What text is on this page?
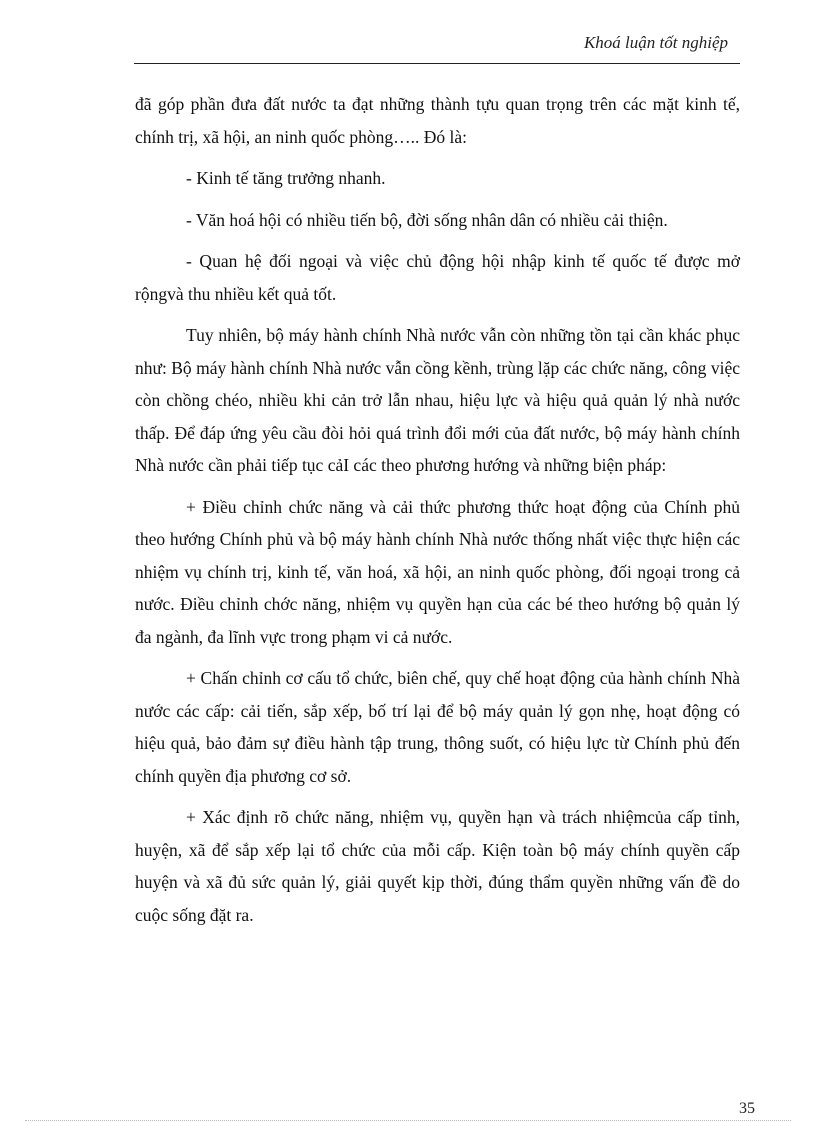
Khoá luận tốt nghiệp

đã góp phần đưa đất nước ta đạt những thành tựu quan trọng trên các mặt kinh tế, chính trị, xã hội, an ninh quốc phòng….. Đó là:

- Kinh tế tăng trưởng nhanh.

- Văn hoá hội có nhiều tiến bộ, đời sống nhân dân có nhiều cải thiện.

- Quan hệ đối ngoại và việc chủ động hội nhập kinh tế quốc tế được mở rộngvà thu nhiều kết quả tốt.

Tuy nhiên, bộ máy hành chính Nhà nước vẫn còn những tồn tại cần khác phục như: Bộ máy hành chính Nhà nước vẫn cồng kềnh, trùng lặp các chức năng, công việc còn chồng chéo, nhiều khi cản trở lẫn nhau, hiệu lực và hiệu quả quản lý nhà nước thấp. Để đáp ứng yêu cầu đòi hỏi quá trình đổi mới của đất nước, bộ máy hành chính Nhà nước cần phải tiếp tục cảI các theo phương hướng và những biện pháp:

+ Điều chỉnh chức năng và cải thức phương thức hoạt động của Chính phủ theo hướng Chính phủ và bộ máy hành chính Nhà nước thống nhất việc thực hiện các nhiệm vụ chính trị, kinh tế, văn hoá, xã hội, an ninh quốc phòng, đối ngoại trong cả nước. Điều chỉnh chớc năng, nhiệm vụ quyền hạn của các bé theo hướng bộ quản lý đa ngành, đa lĩnh vực trong phạm vi cả nước.

+ Chấn chỉnh cơ cấu tổ chức, biên chế, quy chế hoạt động của hành chính Nhà nước các cấp: cải tiến, sắp xếp, bố trí lại để bộ máy quản lý gọn nhẹ, hoạt động có hiệu quả, bảo đảm sự điều hành tập trung, thông suốt, có hiệu lực từ Chính phủ đến chính quyền địa phương cơ sở.

+ Xác định rõ chức năng, nhiệm vụ, quyền hạn và trách nhiệmcủa cấp tỉnh, huyện, xã để sắp xếp lại tổ chức của mỗi cấp. Kiện toàn bộ máy chính quyền cấp huyện và xã đủ sức quản lý, giải quyết kịp thời, đúng thẩm quyền những vấn đề do cuộc sống đặt ra.

35
